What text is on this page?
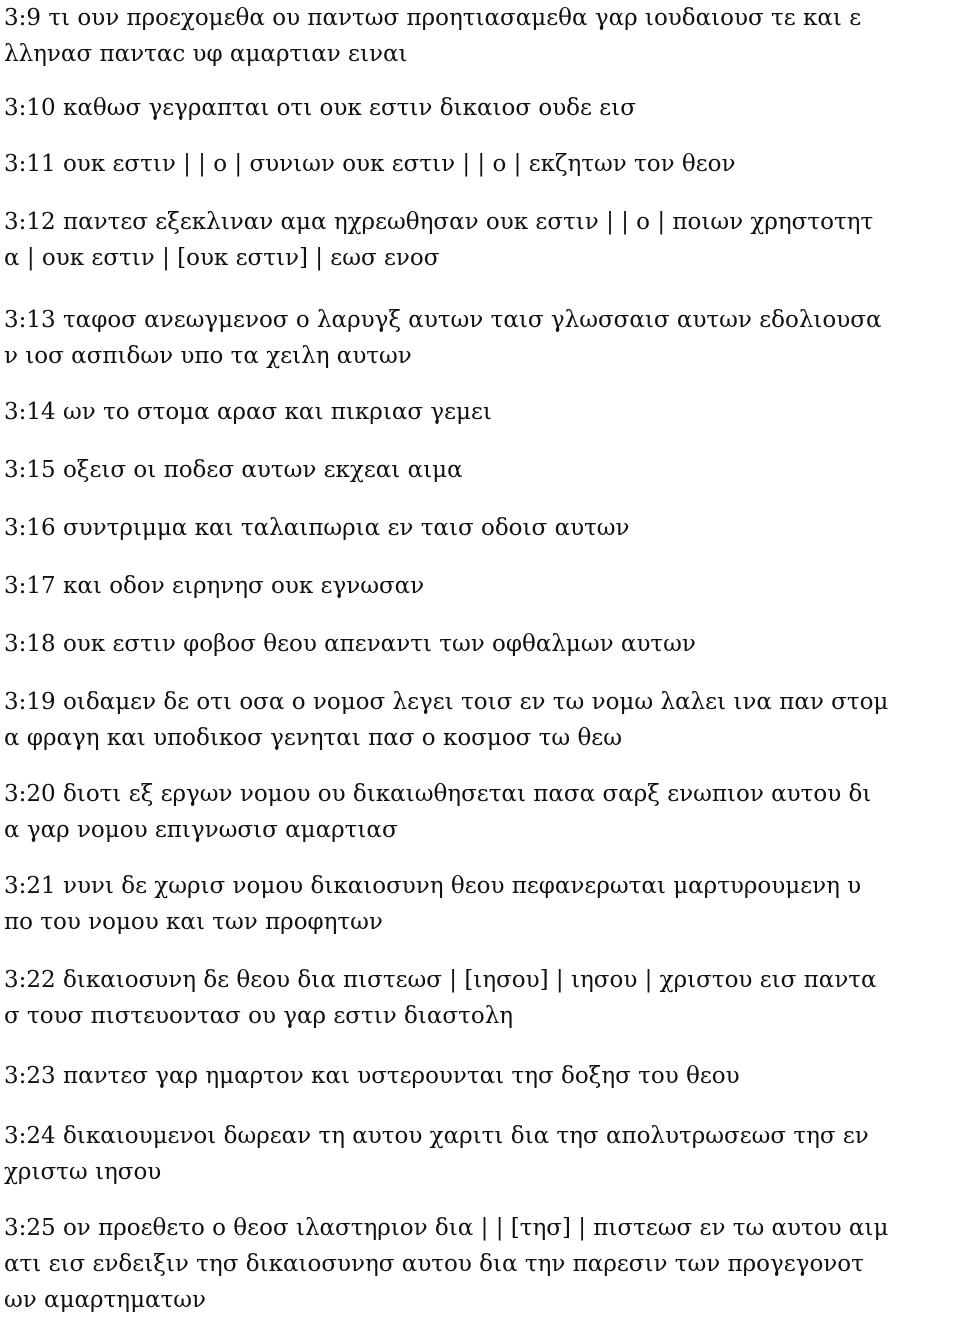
3:9 τι ουν προεχομεθα ου παντωσ προητιασαμεθα γαρ ιουδαιουσ τε και ε
λληνασ πανταϲ υφ αμαρτιαν ειναι

3:10 καθωσ γεγραπται οτι ουκ εστιν δικαιοσ ουδε εισ

3:11 ουκ εστιν | | ο | συνιων ουκ εστιν | | ο | εκζητων τον θεον

3:12 παντεσ εξεκλιναν αμα ηχρεωθησαν ουκ εστιν | | ο | ποιων χρηστοτητ
α | ουκ εστιν | [ουκ εστιν] | εωσ ενοσ

3:13 ταφοσ ανεωγμενοσ ο λαρυγξ αυτων ταισ γλωσσαισ αυτων εδολιουσα
ν ιοσ ασπιδων υπο τα χειλη αυτων

3:14 ων το στομα αρασ και πικριασ γεμει

3:15 οξεισ οι ποδεσ αυτων εκχεαι αιμα

3:16 συντριμμα και ταλαιπωρια εν ταισ οδοισ αυτων

3:17 και οδον ειρηνησ ουκ εγνωσαν

3:18 ουκ εστιν φοβοσ θεου απεναντι των οφθαλμων αυτων

3:19 οιδαμεν δε οτι οσα ο νομοσ λεγει τοισ εν τω νομω λαλει ινα παν στομ
α φραγη και υποδικοσ γενηται πασ ο κοσμοσ τω θεω

3:20 διοτι εξ εργων νομου ου δικαιωθησεται πασα σαρξ ενωπιον αυτου δι
α γαρ νομου επιγνωσισ αμαρτιασ

3:21 νυνι δε χωρισ νομου δικαιοσυνη θεου πεφανερωται μαρτυρουμενη υ
πο του νομου και των προφητων

3:22 δικαιοσυνη δε θεου δια πιστεωσ | [ιησου] | ιησου | χριστου εισ παντα
σ τουσ πιστευοντασ ου γαρ εστιν διαστολη

3:23 παντεσ γαρ ημαρτον και υστερουνται τησ δοξησ του θεου

3:24 δικαιουμενοι δωρεαν τη αυτου χαριτι δια τησ απολυτρωσεωσ τησ εν
χριστω ιησου

3:25 ον προεθετο ο θεοσ ιλαστηριον δια | | [τησ] | πιστεωσ εν τω αυτου αιμ
ατι εισ ενδειξιν τησ δικαιοσυνησ αυτου δια την παρεσιν των προγεγονοτ
ων αμαρτηματων
